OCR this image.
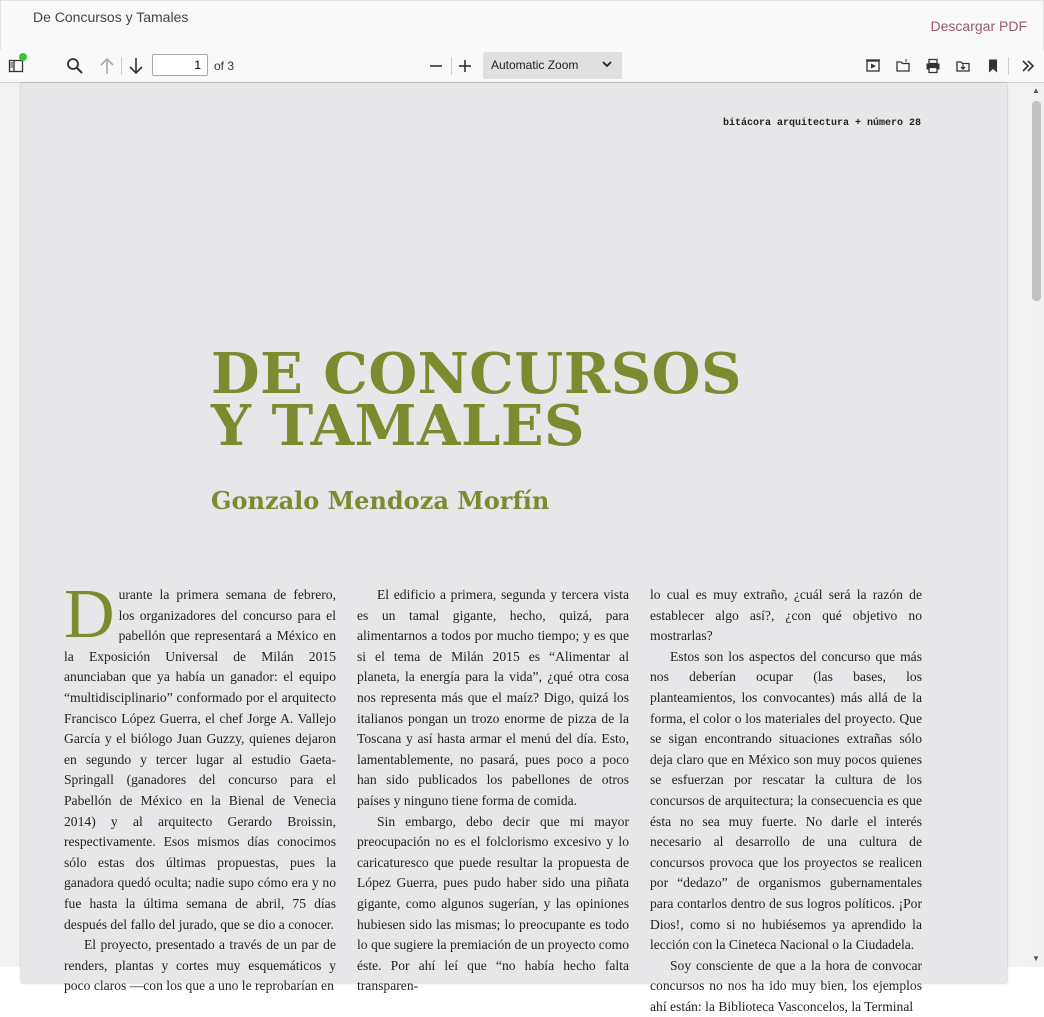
De Concursos y Tamales
Descargar PDF
1
of 3	Automatic Zoom
bitácora arquitectura + número 28
DE CONCURSOS
Y TAMALES
Gonzalo Mendoza Morfín

Durante la primera semana de febrero, los organizadores del concurso para el pabellón que representará a México en la Exposición Universal de Milán 2015 anunciaban que ya había un ganador: el equipo “multidisciplinario” conformado por el arquitecto Francisco López Guerra, el chef Jorge A. Vallejo García y el biólogo Juan Guzzy, quienes dejaron en segundo y tercer lugar al estudio Gaeta-Springall (ganadores del concurso para el Pabellón de México en la Bienal de Venecia 2014) y al arquitecto Gerardo Broissin, respectivamente. Esos mismos días conocimos sólo estas dos últimas propuestas, pues la ganadora quedó oculta; nadie supo cómo era y no fue hasta la última semana de abril, 75 días después del fallo del jurado, que se dio a conocer.

El proyecto, presentado a través de un par de renders, plantas y cortes muy esquemáticos y poco claros —con los que a uno le reprobarían en

El edificio a primera, segunda y tercera vista es un tamal gigante, hecho, quizá, para alimentarnos a todos por mucho tiempo; y es que si el tema de Milán 2015 es “Alimentar al planeta, la energía para la vida”, ¿qué otra cosa nos representa más que el maíz? Digo, quizá los italianos pongan un trozo enorme de pizza de la Toscana y así hasta armar el menú del día. Esto, lamentablemente, no pasará, pues poco a poco han sido publicados los pabellones de otros países y ninguno tiene forma de comida.

Sin embargo, debo decir que mi mayor preocupación no es el folclorismo excesivo y lo caricaturesco que puede resultar la propuesta de López Guerra, pues pudo haber sido una piñata gigante, como algunos sugerían, y las opiniones hubiesen sido las mismas; lo preocupante es todo lo que sugiere la premiación de un proyecto como éste. Por ahí leí que “no había hecho falta transparen-

lo cual es muy extraño, ¿cuál será la razón de establecer algo así?, ¿con qué objetivo no mostrarlas?

Estos son los aspectos del concurso que más nos deberían ocupar (las bases, los planteamientos, los convocantes) más allá de la forma, el color o los materiales del proyecto. Que se sigan encontrando situaciones extrañas sólo deja claro que en México son muy pocos quienes se esfuerzan por rescatar la cultura de los concursos de arquitectura; la consecuencia es que ésta no sea muy fuerte. No darle el interés necesario al desarrollo de una cultura de concursos provoca que los proyectos se realicen por “dedazo” de organismos gubernamentales para contarlos dentro de sus logros políticos. ¡Por Dios!, como si no hubiésemos ya aprendido la lección con la Cineteca Nacional o la Ciudadela.

Soy consciente de que a la hora de convocar concursos no nos ha ido muy bien, los ejemplos ahí están: la Biblioteca Vasconcelos, la Terminal

▲
▼
